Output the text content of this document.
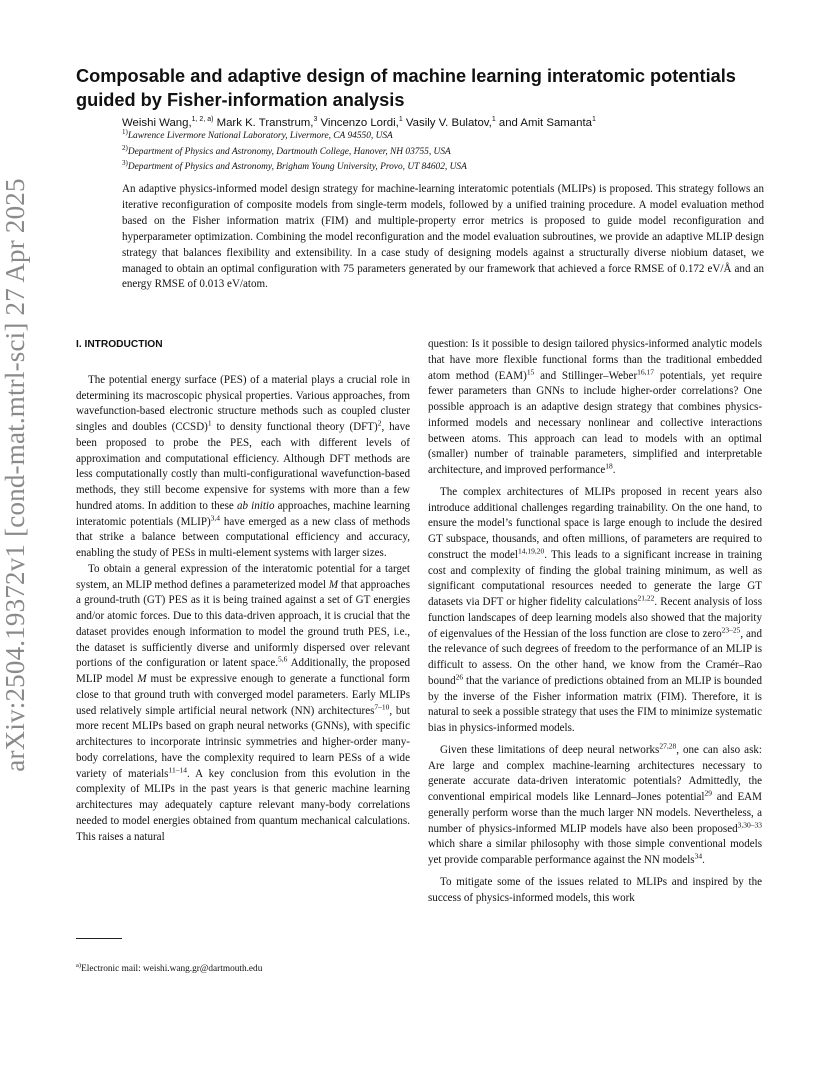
arXiv:2504.19372v1 [cond-mat.mtrl-sci] 27 Apr 2025
Composable and adaptive design of machine learning interatomic potentials guided by Fisher-information analysis
Weishi Wang,$^{1, 2, a)}$ Mark K. Transtrum,$^3$ Vincenzo Lordi,$^1$ Vasily V. Bulatov,$^1$ and Amit Samanta$^1$
$^{1)}$Lawrence Livermore National Laboratory, Livermore, CA 94550, USA
$^{2)}$Department of Physics and Astronomy, Dartmouth College, Hanover, NH 03755, USA
$^{3)}$Department of Physics and Astronomy, Brigham Young University, Provo, UT 84602, USA
An adaptive physics-informed model design strategy for machine-learning interatomic potentials (MLIPs) is proposed. This strategy follows an iterative reconfiguration of composite models from single-term models, followed by a unified training procedure. A model evaluation method based on the Fisher information matrix (FIM) and multiple-property error metrics is proposed to guide model reconfiguration and hyperparameter optimization. Combining the model reconfiguration and the model evaluation subroutines, we provide an adaptive MLIP design strategy that balances flexibility and extensibility. In a case study of designing models against a structurally diverse niobium dataset, we managed to obtain an optimal configuration with 75 parameters generated by our framework that achieved a force RMSE of 0.172 eV/Å and an energy RMSE of 0.013 eV/atom.

I. INTRODUCTION

The potential energy surface (PES) of a material plays a crucial role in determining its macroscopic physical properties. Various approaches, from wavefunction-based electronic structure methods such as coupled cluster singles and doubles (CCSD)$^1$ to density functional theory (DFT)$^2$, have been proposed to probe the PES, each with different levels of approximation and computational efficiency. Although DFT methods are less computationally costly than multi-configurational wavefunction-based methods, they still become expensive for systems with more than a few hundred atoms. In addition to these ab initio approaches, machine learning interatomic potentials (MLIP)$^{3,4}$ have emerged as a new class of methods that strike a balance between computational efficiency and accuracy, enabling the study of PESs in multi-element systems with larger sizes.

To obtain a general expression of the interatomic potential for a target system, an MLIP method defines a parameterized model M that approaches a ground-truth (GT) PES as it is being trained against a set of GT energies and/or atomic forces. Due to this data-driven approach, it is crucial that the dataset provides enough information to model the ground truth PES, i.e., the dataset is sufficiently diverse and uniformly dispersed over relevant portions of the configuration or latent space.$^{5,6}$ Additionally, the proposed MLIP model M must be expressive enough to generate a functional form close to that ground truth with converged model parameters. Early MLIPs used relatively simple artificial neural network (NN) architectures$^{7-10}$, but more recent MLIPs based on graph neural networks (GNNs), with specific architectures to incorporate intrinsic symmetries and higher-order many-body correlations, have the complexity required to learn PESs of a wide variety of materials$^{11-14}$. A key conclusion from this evolution in the complexity of MLIPs in the past years is that generic machine learning architectures may adequately capture relevant many-body correlations needed to model energies obtained from quantum mechanical calculations. This raises a natural

question: Is it possible to design tailored physics-informed analytic models that have more flexible functional forms than the traditional embedded atom method (EAM)$^{15}$ and Stillinger–Weber$^{16,17}$ potentials, yet require fewer parameters than GNNs to include higher-order correlations? One possible approach is an adaptive design strategy that combines physics-informed models and necessary nonlinear and collective interactions between atoms. This approach can lead to models with an optimal (smaller) number of trainable parameters, simplified and interpretable architecture, and improved performance$^{18}$.

The complex architectures of MLIPs proposed in recent years also introduce additional challenges regarding trainability. On the one hand, to ensure the model’s functional space is large enough to include the desired GT subspace, thousands, and often millions, of parameters are required to construct the model$^{14,19,20}$. This leads to a significant increase in training cost and complexity of finding the global training minimum, as well as significant computational resources needed to generate the large GT datasets via DFT or higher fidelity calculations$^{21,22}$. Recent analysis of loss function landscapes of deep learning models also showed that the majority of eigenvalues of the Hessian of the loss function are close to zero$^{23-25}$, and the relevance of such degrees of freedom to the performance of an MLIP is difficult to assess. On the other hand, we know from the Cramér–Rao bound$^{26}$ that the variance of predictions obtained from an MLIP is bounded by the inverse of the Fisher information matrix (FIM). Therefore, it is natural to seek a possible strategy that uses the FIM to minimize systematic bias in physics-informed models.

Given these limitations of deep neural networks$^{27,28}$, one can also ask: Are large and complex machine-learning architectures necessary to generate accurate data-driven interatomic potentials? Admittedly, the conventional empirical models like Lennard–Jones potential$^{29}$ and EAM generally perform worse than the much larger NN models. Nevertheless, a number of physics-informed MLIP models have also been proposed$^{3,30-33}$ which share a similar philosophy with those simple conventional models yet provide comparable performance against the NN models$^{34}$.

To mitigate some of the issues related to MLIPs and inspired by the success of physics-informed models, this work

$^{a)}$Electronic mail: weishi.wang.gr@dartmouth.edu
